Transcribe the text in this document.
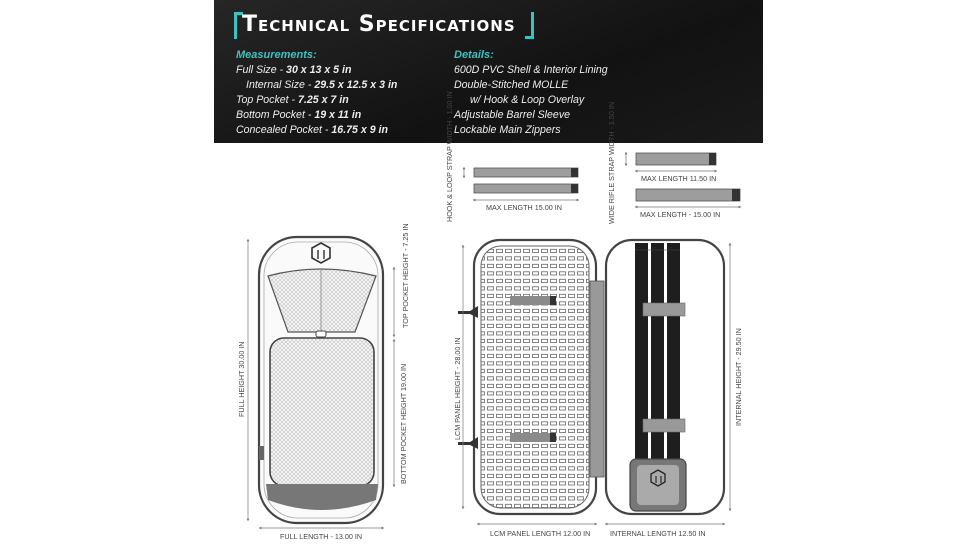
Technical Specifications
Measurements:
Full Size - 30 x 13 x 5 in
Internal Size - 29.5 x 12.5 x 3 in
Top Pocket - 7.25 x 7 in
Bottom Pocket - 19 x 11 in
Concealed Pocket - 16.75 x 9 in
Details:
600D PVC Shell & Interior Lining
Double-Stitched MOLLE
w/ Hook & Loop Overlay
Adjustable Barrel Sleeve
Lockable Main Zippers
MAX LENGTH 15.00 IN
HOOK & LOOP STRAP WIDTH - 1.00 IN	MAX LENGTH 11.50 IN
MAX LENGTH - 15.00 IN
WIDE RIFLE STRAP WIDTH - 1.50 IN
FULL HEIGHT 30.00 IN
FULL LENGTH - 13.00 IN
TOP POCKET HEIGHT - 7.25 IN
BOTTOM POCKET HEIGHT 19.00 IN	LCM PANEL HEIGHT - 28.00 IN
LCM PANEL LENGTH 12.00 IN	INTERNAL LENGTH 12.50 IN
INTERNAL HEIGHT - 29.50 IN
